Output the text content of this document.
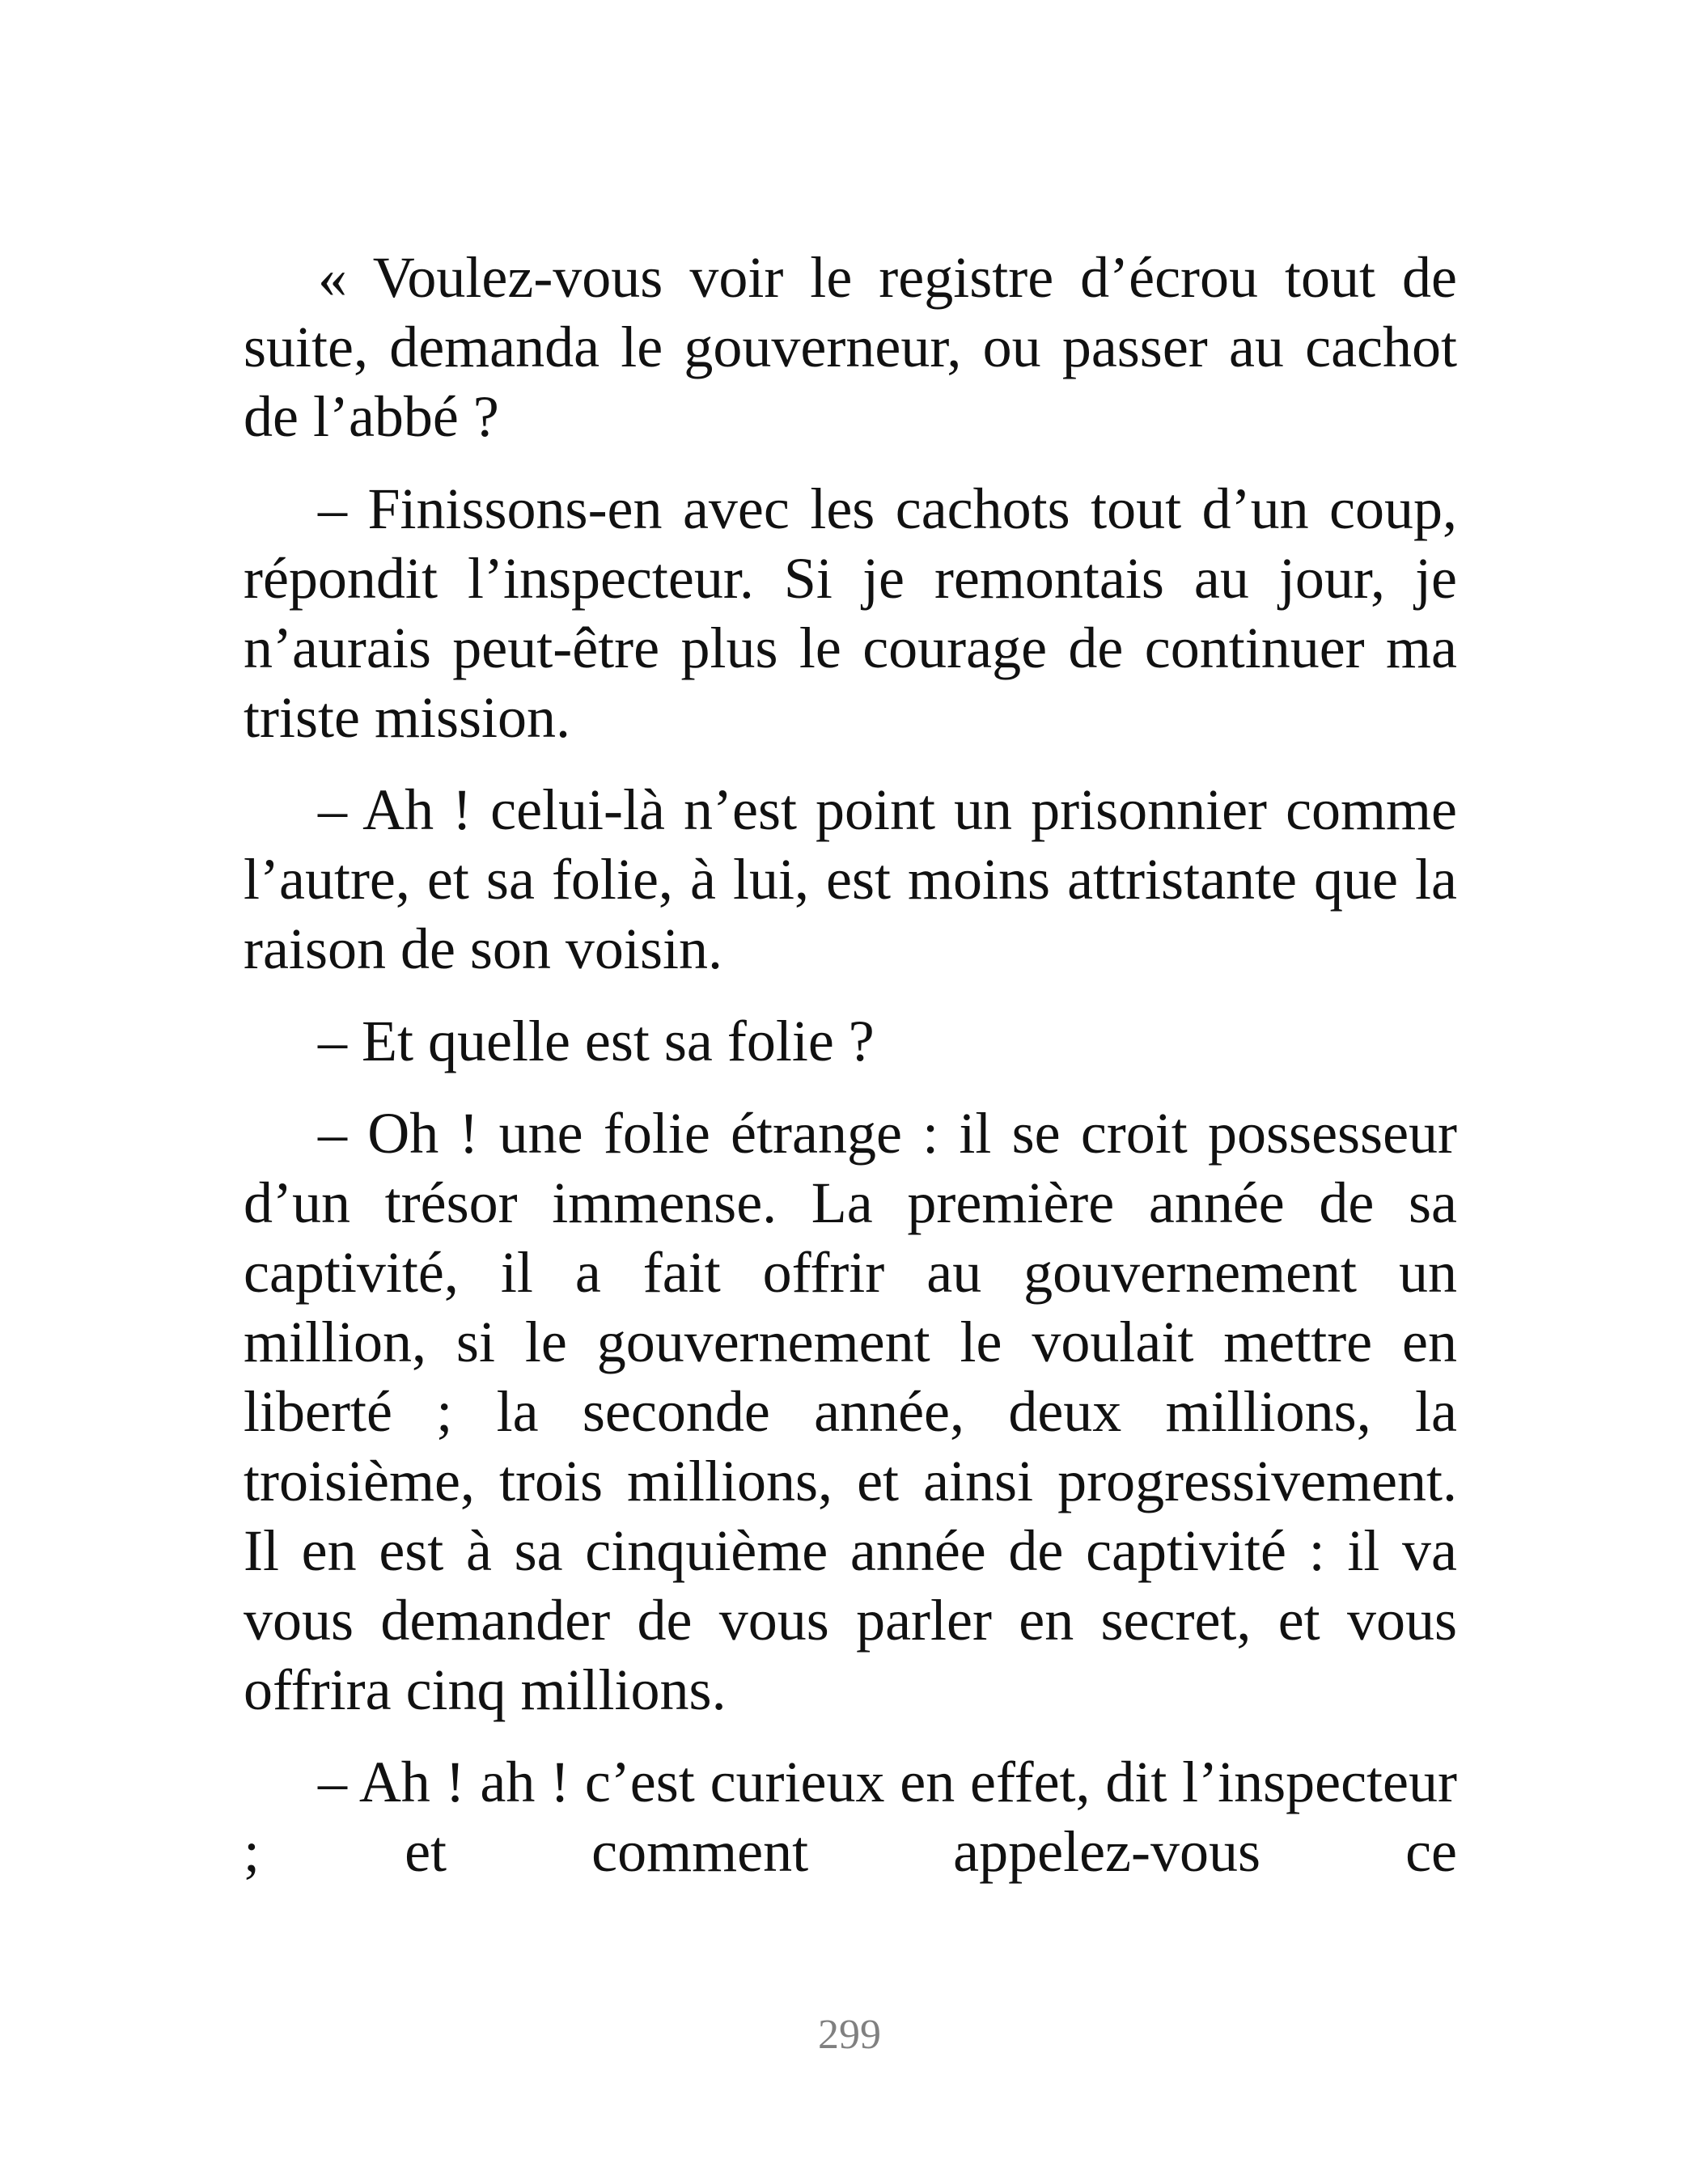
« Voulez-vous voir le registre d’écrou tout de suite, demanda le gouverneur, ou passer au cachot de l’abbé ?

– Finissons-en avec les cachots tout d’un coup, répondit l’inspecteur. Si je remontais au jour, je n’aurais peut-être plus le courage de continuer ma triste mission.

– Ah ! celui-là n’est point un prisonnier comme l’autre, et sa folie, à lui, est moins attristante que la raison de son voisin.

– Et quelle est sa folie ?

– Oh ! une folie étrange : il se croit possesseur d’un trésor immense. La première année de sa captivité, il a fait offrir au gouvernement un million, si le gouvernement le voulait mettre en liberté ; la seconde année, deux millions, la troisième, trois millions, et ainsi progressivement. Il en est à sa cinquième année de captivité : il va vous demander de vous parler en secret, et vous offrira cinq millions.

– Ah ! ah ! c’est curieux en effet, dit l’inspecteur ; et comment appelez-vous ce

299
